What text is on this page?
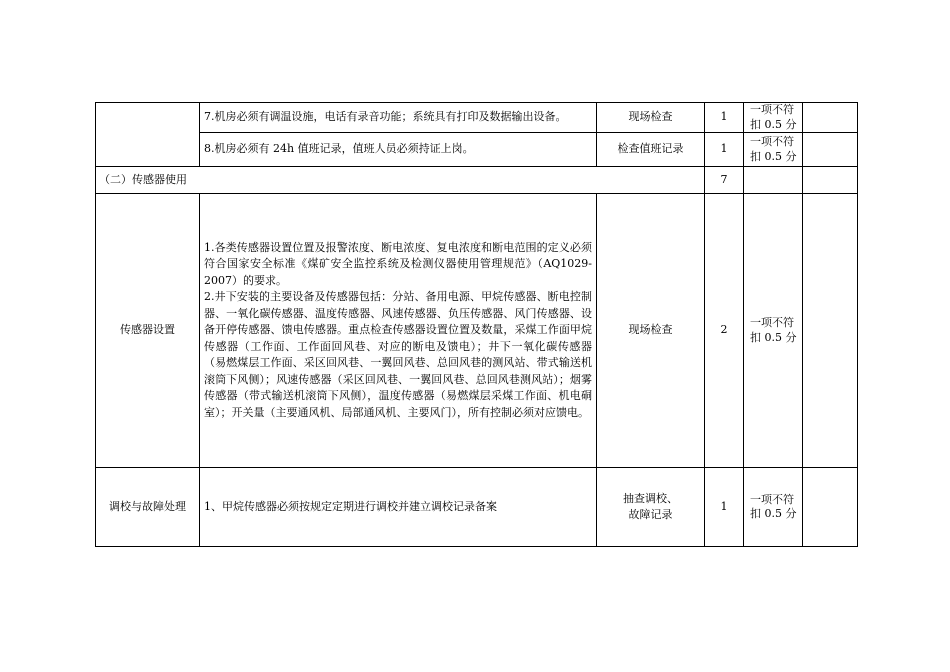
	7.机房必须有调温设施，电话有录音功能；系统具有打印及数据输出设备。	现场检查	1	一项不符
扣 0.5 分	

	8.机房必须有 24h 值班记录，值班人员必须持证上岗。	检查值班记录	1	一项不符
扣 0.5 分	

（二）传感器使用			7		
传感器设置	1.各类传感器设置位置及报警浓度、断电浓度、复电浓度和断电范围的定义必须符合国家安全标准《煤矿安全监控系统及检测仪器使用管理规范》（AQ1029-2007）的要求。
2.井下安装的主要设备及传感器包括：分站、备用电源、甲烷传感器、断电控制器、一氧化碳传感器、温度传感器、风速传感器、负压传感器、风门传感器、设备开停传感器、馈电传感器。重点检查传感器设置位置及数量，采煤工作面甲烷传感器（工作面、工作面回风巷、对应的断电及馈电）；井下一氧化碳传感器（易燃煤层工作面、采区回风巷、一翼回风巷、总回风巷的测风站、带式输送机滚筒下风侧）；风速传感器（采区回风巷、一翼回风巷、总回风巷测风站）；烟雾传感器（带式输送机滚筒下风侧），温度传感器（易燃煤层采煤工作面、机电硐室）；开关量（主要通风机、局部通风机、主要风门），所有控制必须对应馈电。	现场检查	2	一项不符
扣 0.5 分	

调校与故障处理	1、甲烷传感器必须按规定定期进行调校并建立调校记录备案	抽查调校、
故障记录	1	一项不符
扣 0.5 分	
